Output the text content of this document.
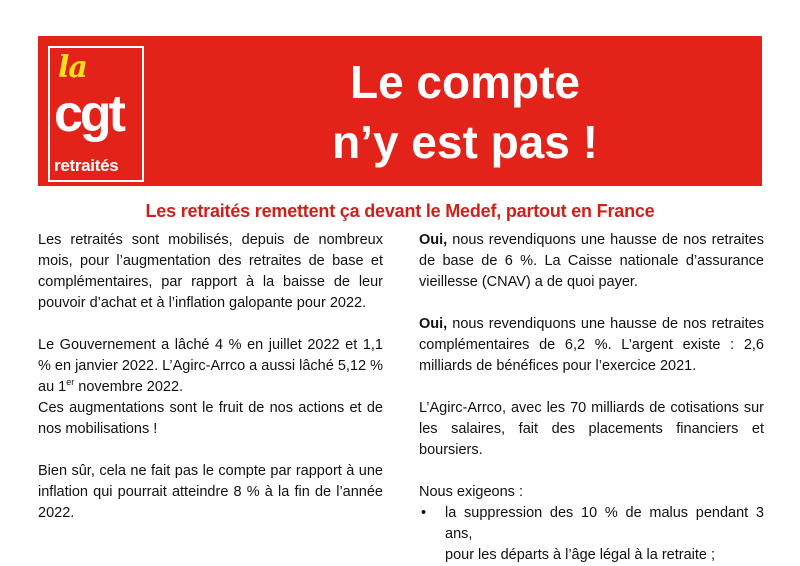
la
cgt
retraités
Le compte
n’y est pas !
Les retraités remettent ça devant le Medef, partout en France

Les retraités sont mobilisés, depuis de nombreux mois, pour l’augmentation des retraites de base et complémentaires, par rapport à la baisse de leur pouvoir d’achat et à l’inflation galopante pour 2022.

Le Gouvernement a lâché 4 % en juillet 2022 et 1,1 % en janvier 2022. L’Agirc-Arrco a aussi lâché 5,12 % au 1er novembre 2022.
Ces augmentations sont le fruit de nos actions et de nos mobilisations !

Bien sûr, cela ne fait pas le compte par rapport à une inflation qui pourrait atteindre 8 % à la fin de l’année 2022.

Oui, nous revendiquons une hausse de nos retraites de base de 6 %. La Caisse nationale d’assurance vieillesse (CNAV) a de quoi payer.

Oui, nous revendiquons une hausse de nos retraites complémentaires de 6,2 %. L’argent existe : 2,6 milliards de bénéfices pour l’exercice 2021.

L’Agirc-Arrco, avec les 70 milliards de cotisations sur les salaires, fait des placements financiers et boursiers.

Nous exigeons :

•	la suppression des 10 % de malus pendant 3 ans,
pour les départs à l’âge légal à la retraite ;
